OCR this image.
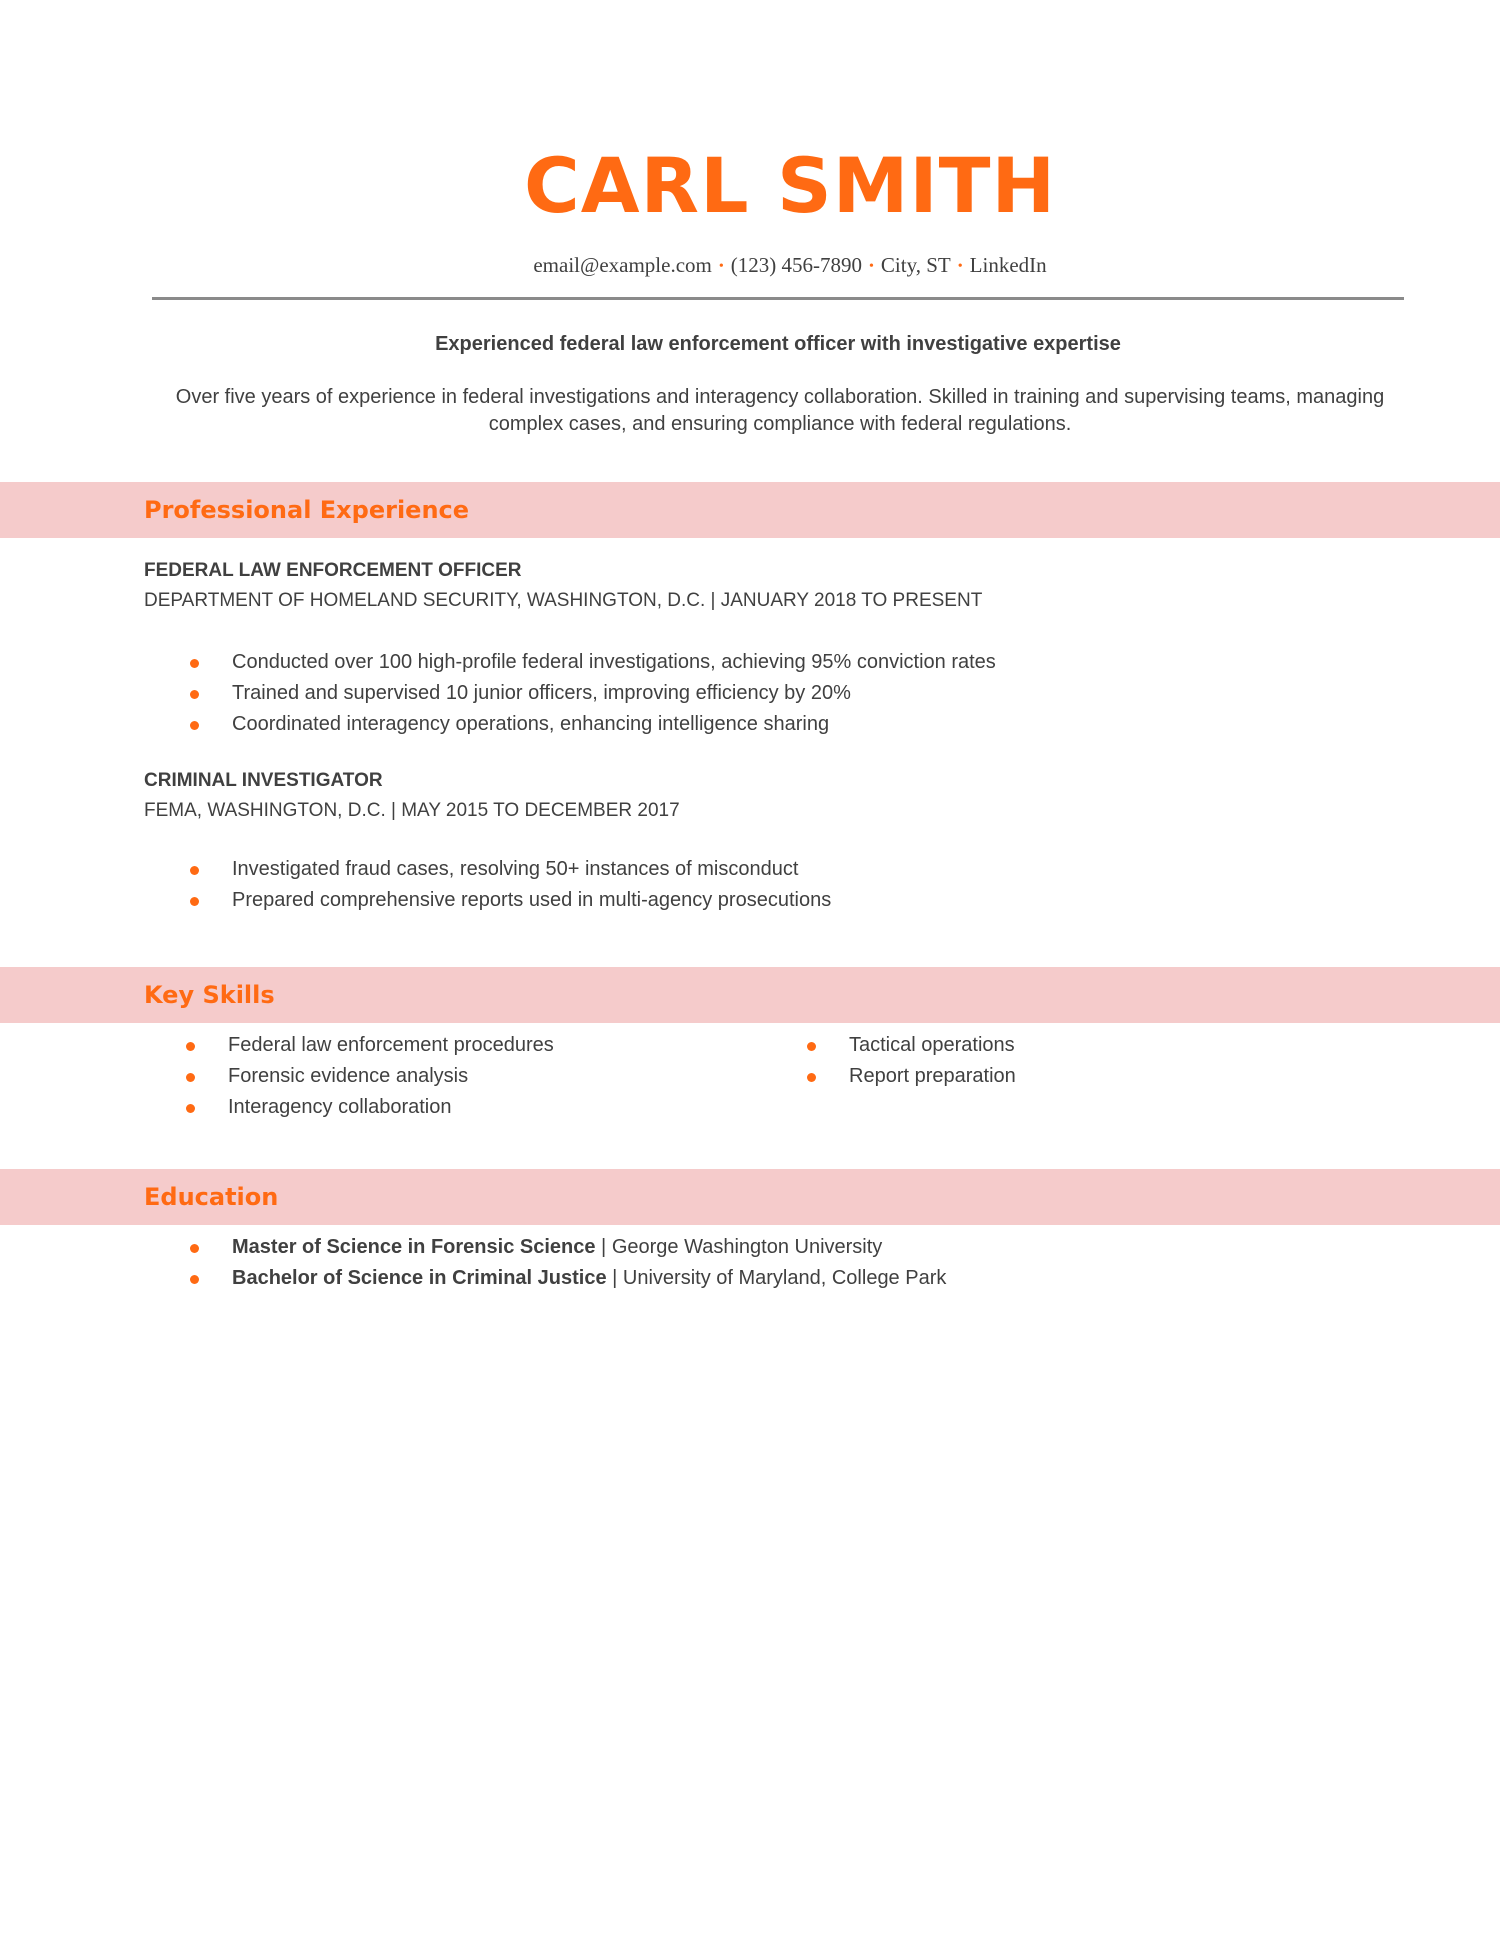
CARL SMITH
email@example.com • (123) 456-7890 • City, ST • LinkedIn
Experienced federal law enforcement officer with investigative expertise
Over five years of experience in federal investigations and interagency collaboration. Skilled in training and supervising teams, managing complex cases, and ensuring compliance with federal regulations.
Professional Experience
FEDERAL LAW ENFORCEMENT OFFICER
DEPARTMENT OF HOMELAND SECURITY, WASHINGTON, D.C. | JANUARY 2018 TO PRESENT
Conducted over 100 high-profile federal investigations, achieving 95% conviction rates
Trained and supervised 10 junior officers, improving efficiency by 20%
Coordinated interagency operations, enhancing intelligence sharing
CRIMINAL INVESTIGATOR
FEMA, WASHINGTON, D.C. | MAY 2015 TO DECEMBER 2017
Investigated fraud cases, resolving 50+ instances of misconduct
Prepared comprehensive reports used in multi-agency prosecutions
Key Skills
Federal law enforcement procedures
Forensic evidence analysis
Interagency collaboration
Tactical operations
Report preparation
Education
Master of Science in Forensic Science | George Washington University
Bachelor of Science in Criminal Justice | University of Maryland, College Park
